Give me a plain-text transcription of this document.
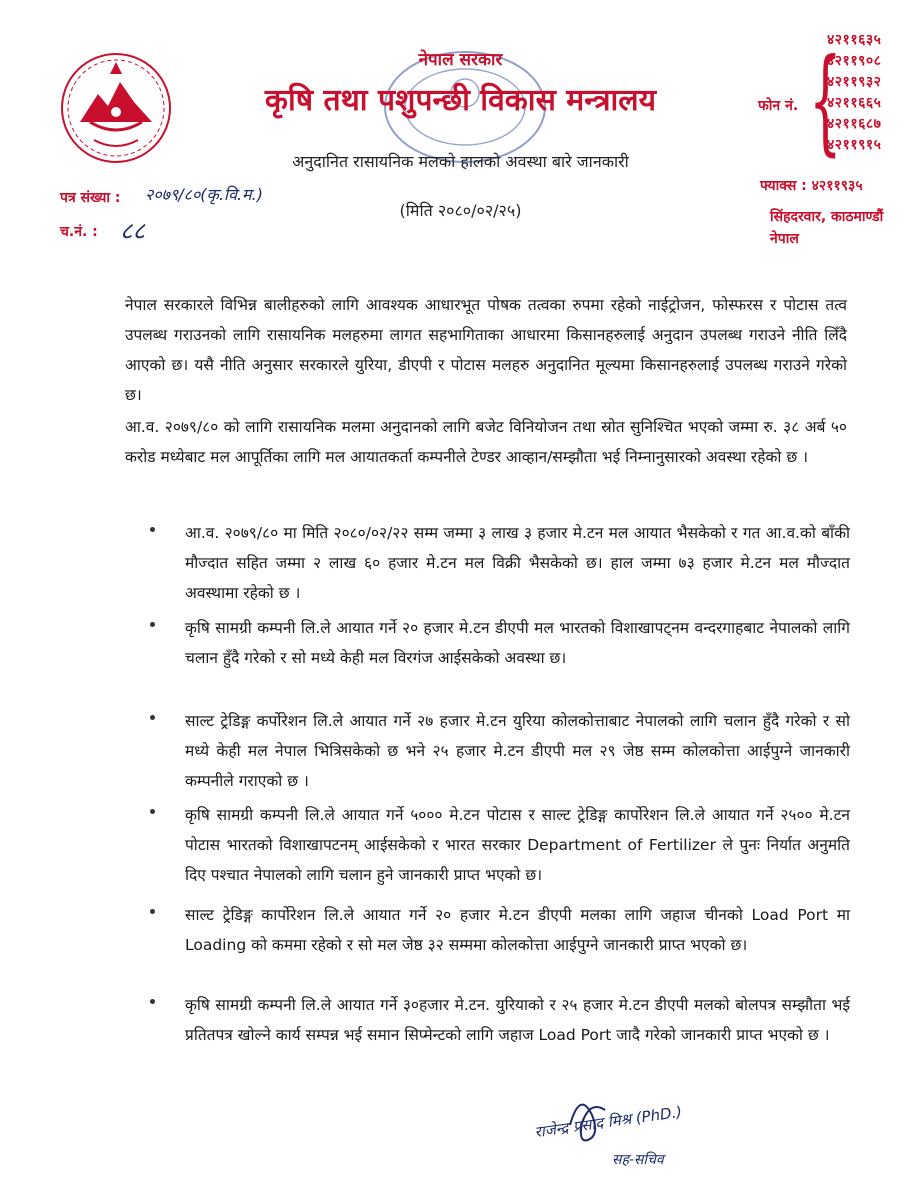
नेपाल सरकार
कृषि तथा पशुपन्छी विकास मन्त्रालय
अनुदानित रासायनिक मलको हालको अवस्था बारे जानकारी
(मिति २०८०/०२/२५)
फोन नं. {
४२११६३५
४२११९०८
४२११९३२
४२११६६५
४२११६८७
४२११९१५
फ्याक्स : ४२११९३५
सिंहदरवार, काठमाण्डौं
नेपाल
पत्र संख्या : २०७९/८०(कृ.वि.म.)
च.नं. : ८८
नेपाल सरकारले विभिन्न बालीहरुको लागि आवश्यक आधारभूत पोषक तत्वका रुपमा रहेको नाईट्रोजन, फोस्फरस र पोटास तत्व उपलब्ध गराउनको लागि रासायनिक मलहरुमा लागत सहभागिताका आधारमा किसानहरुलाई अनुदान उपलब्ध गराउने नीति लिँदै आएको छ। यसै नीति अनुसार सरकारले युरिया, डीएपी र पोटास मलहरु अनुदानित मूल्यमा किसानहरुलाई उपलब्ध गराउने गरेको छ।
आ.व. २०७९/८० को लागि रासायनिक मलमा अनुदानको लागि बजेट विनियोजन तथा स्रोत सुनिश्चित भएको जम्मा रु. ३८ अर्ब ५० करोड मध्येबाट मल आपूर्तिका लागि मल आयातकर्ता कम्पनीले टेण्डर आव्हान/सम्झौता भई निम्नानुसारको अवस्था रहेको छ ।
आ.व. २०७९/८० मा मिति २०८०/०२/२२ सम्म जम्मा ३ लाख ३ हजार मे.टन मल आयात भैसकेको र गत आ.व.को बाँकी मौज्दात सहित जम्मा २ लाख ६० हजार मे.टन मल विक्री भैसकेको छ। हाल जम्मा ७३ हजार मे.टन मल मौज्दात अवस्थामा रहेको छ ।
कृषि सामग्री कम्पनी लि.ले आयात गर्ने २० हजार मे.टन डीएपी मल भारतको विशाखापट्नम वन्दरगाहबाट नेपालको लागि चलान हुँदै गरेको र सो मध्ये केही मल विरगंज आईसकेको अवस्था छ।
साल्ट ट्रेडिङ्ग कर्पोरेशन लि.ले आयात गर्ने २७ हजार मे.टन युरिया कोलकोत्ताबाट नेपालको लागि चलान हुँदै गरेको र सो मध्ये केही मल नेपाल भित्रिसकेको छ भने २५ हजार मे.टन डीएपी मल २९ जेष्ठ सम्म कोलकोत्ता आईपुग्ने जानकारी कम्पनीले गराएको छ ।
कृषि सामग्री कम्पनी लि.ले आयात गर्ने ५००० मे.टन पोटास र साल्ट ट्रेडिङ्ग कार्पोरेशन लि.ले आयात गर्ने २५०० मे.टन पोटास भारतको विशाखापटनम् आईसकेको र भारत सरकार Department of Fertilizer ले पुनः निर्यात अनुमति दिए पश्चात नेपालको लागि चलान हुने जानकारी प्राप्त भएको छ।
साल्ट ट्रेडिङ्ग कार्पोरेशन लि.ले आयात गर्ने २० हजार मे.टन डीएपी मलका लागि जहाज चीनको Load Port मा Loading को कममा रहेको र सो मल जेष्ठ ३२ सम्ममा कोलकोत्ता आईपुग्ने जानकारी प्राप्त भएको छ।
कृषि सामग्री कम्पनी लि.ले आयात गर्ने ३०हजार मे.टन. युरियाको र २५ हजार मे.टन डीएपी मलको बोलपत्र सम्झौता भई प्रतितपत्र खोल्ने कार्य सम्पन्न भई समान सिप्मेन्टको लागि जहाज Load Port जादै गरेको जानकारी प्राप्त भएको छ ।
राजेन्द्र प्रसाद मिश्र (PhD.)
सह-सचिव
